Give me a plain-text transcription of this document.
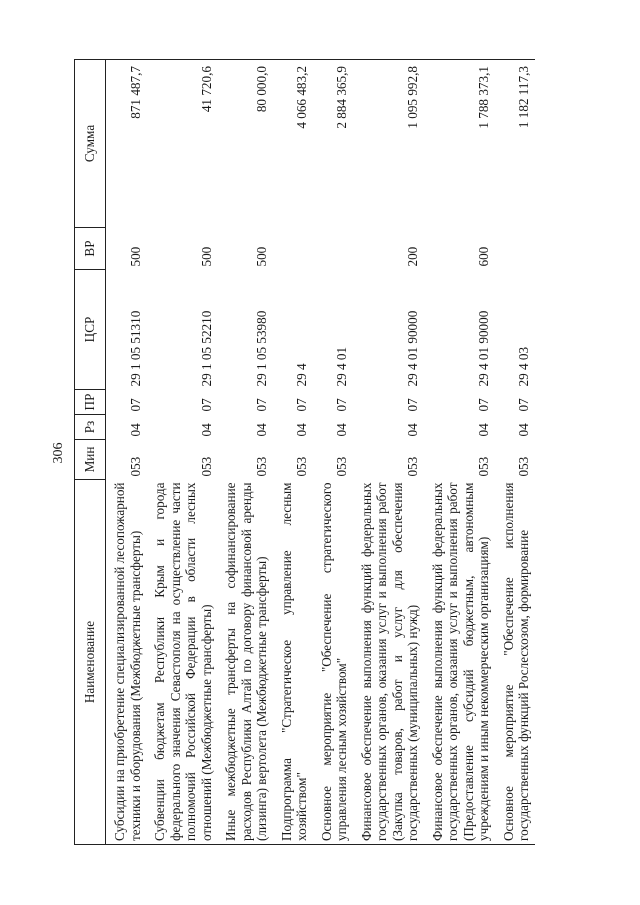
306
Наименование	Мин	Рз	ПР	ЦСР	ВР	Сумма
Субсидии на приобретение специализированной лесопожарной техники и оборудования (Межбюджетные трансферты)	053	04	07	29 1 05 51310	500	871 487,7
Субвенции бюджетам Республики Крым и города федерального значения Севастополя на осуществление части полномочий Российской Федерации в области лесных отношений (Межбюджетные трансферты)	053	04	07	29 1 05 52210	500	41 720,6
Иные межбюджетные трансферты на софинансирование расходов Республики Алтай по договору финансовой аренды (лизинга) вертолета (Межбюджетные трансферты)	053	04	07	29 1 05 53980	500	80 000,0
Подпрограмма "Стратегическое управление лесным хозяйством"	053	04	07	29 4		4 066 483,2
Основное мероприятие "Обеспечение стратегического управления лесным хозяйством"	053	04	07	29 4 01		2 884 365,9
Финансовое обеспечение выполнения функций федеральных государственных органов, оказания услуг и выполнения работ (Закупка товаров, работ и услуг для обеспечения государственных (муниципальных) нужд)	053	04	07	29 4 01 90000	200	1 095 992,8
Финансовое обеспечение выполнения функций федеральных государственных органов, оказания услуг и выполнения работ (Предоставление субсидий бюджетным, автономным учреждениям и иным некоммерческим организациям)	053	04	07	29 4 01 90000	600	1 788 373,1
Основное мероприятие "Обеспечение исполнения государственных функций Рослесхозом, формирование	053	04	07	29 4 03		1 182 117,3
